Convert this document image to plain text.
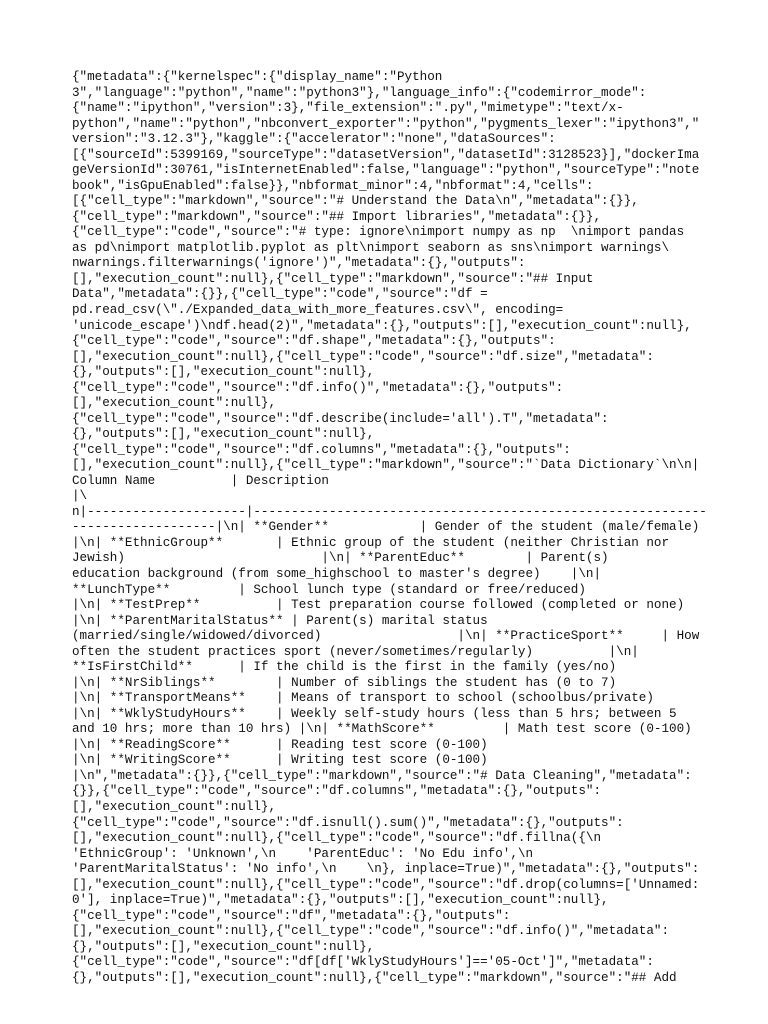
{"metadata":{"kernelspec":{"display_name":"Python
3","language":"python","name":"python3"},"language_info":{"codemirror_mode":
{"name":"ipython","version":3},"file_extension":".py","mimetype":"text/x-
python","name":"python","nbconvert_exporter":"python","pygments_lexer":"ipython3","
version":"3.12.3"},"kaggle":{"accelerator":"none","dataSources":
[{"sourceId":5399169,"sourceType":"datasetVersion","datasetId":3128523}],"dockerIma
geVersionId":30761,"isInternetEnabled":false,"language":"python","sourceType":"note
book","isGpuEnabled":false}},"nbformat_minor":4,"nbformat":4,"cells":
[{"cell_type":"markdown","source":"# Understand the Data\n","metadata":{}},
{"cell_type":"markdown","source":"## Import libraries","metadata":{}},
{"cell_type":"code","source":"# type: ignore\nimport numpy as np  \nimport pandas
as pd\nimport matplotlib.pyplot as plt\nimport seaborn as sns\nimport warnings\
nwarnings.filterwarnings('ignore')","metadata":{},"outputs":
[],"execution_count":null},{"cell_type":"markdown","source":"## Input
Data","metadata":{}},{"cell_type":"code","source":"df =
pd.read_csv(\"./Expanded_data_with_more_features.csv\", encoding=
'unicode_escape')\ndf.head(2)","metadata":{},"outputs":[],"execution_count":null},
{"cell_type":"code","source":"df.shape","metadata":{},"outputs":
[],"execution_count":null},{"cell_type":"code","source":"df.size","metadata":
{},"outputs":[],"execution_count":null},
{"cell_type":"code","source":"df.info()","metadata":{},"outputs":
[],"execution_count":null},
{"cell_type":"code","source":"df.describe(include='all').T","metadata":
{},"outputs":[],"execution_count":null},
{"cell_type":"code","source":"df.columns","metadata":{},"outputs":
[],"execution_count":null},{"cell_type":"markdown","source":"`Data Dictionary`\n\n|
Column Name          | Description
|\
n|---------------------|------------------------------------------------------------
-------------------|\n| **Gender**            | Gender of the student (male/female)
|\n| **EthnicGroup**       | Ethnic group of the student (neither Christian nor
Jewish)                          |\n| **ParentEduc**        | Parent(s)
education background (from some_highschool to master's degree)    |\n|
**LunchType**         | School lunch type (standard or free/reduced)
|\n| **TestPrep**          | Test preparation course followed (completed or none)
|\n| **ParentMaritalStatus** | Parent(s) marital status
(married/single/widowed/divorced)                  |\n| **PracticeSport**     | How
often the student practices sport (never/sometimes/regularly)          |\n|
**IsFirstChild**      | If the child is the first in the family (yes/no)
|\n| **NrSiblings**        | Number of siblings the student has (0 to 7)
|\n| **TransportMeans**    | Means of transport to school (schoolbus/private)
|\n| **WklyStudyHours**    | Weekly self-study hours (less than 5 hrs; between 5
and 10 hrs; more than 10 hrs) |\n| **MathScore**         | Math test score (0-100)
|\n| **ReadingScore**      | Reading test score (0-100)
|\n| **WritingScore**      | Writing test score (0-100)
|\n","metadata":{}},{"cell_type":"markdown","source":"# Data Cleaning","metadata":
{}},{"cell_type":"code","source":"df.columns","metadata":{},"outputs":
[],"execution_count":null},
{"cell_type":"code","source":"df.isnull().sum()","metadata":{},"outputs":
[],"execution_count":null},{"cell_type":"code","source":"df.fillna({\n
'EthnicGroup': 'Unknown',\n    'ParentEduc': 'No Edu info',\n
'ParentMaritalStatus': 'No info',\n    \n}, inplace=True)","metadata":{},"outputs":
[],"execution_count":null},{"cell_type":"code","source":"df.drop(columns=['Unnamed:
0'], inplace=True)","metadata":{},"outputs":[],"execution_count":null},
{"cell_type":"code","source":"df","metadata":{},"outputs":
[],"execution_count":null},{"cell_type":"code","source":"df.info()","metadata":
{},"outputs":[],"execution_count":null},
{"cell_type":"code","source":"df[df['WklyStudyHours']=='05-Oct']","metadata":
{},"outputs":[],"execution_count":null},{"cell_type":"markdown","source":"## Add
